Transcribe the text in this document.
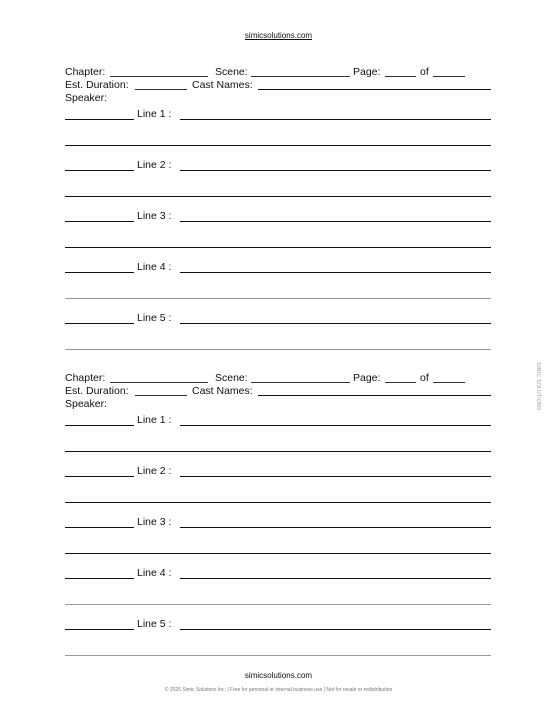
simicsolutions.com
Chapter:	Scene:	Page:	of
Est. Duration:	Cast Names:
Speaker:
Line 1 :
Line 2 :
Line 3 :
Line 4 :
Line 5 :
Chapter:	Scene:	Page:	of
Est. Duration:	Cast Names:
Speaker:
Line 1 :
Line 2 :
Line 3 :
Line 4 :
Line 5 :
SIMIC SOLUTIONS
simicsolutions.com
© 2026 Simic Solutions Inc. | Free for personal or internal business use | Not for resale or redistribution
